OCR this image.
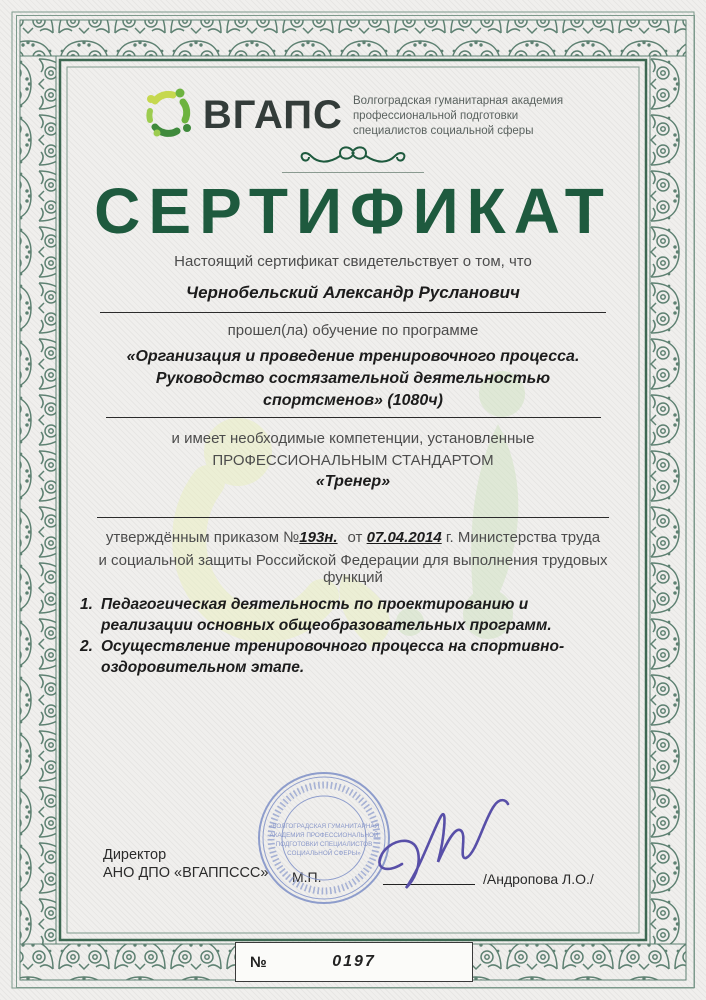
ВГАПС Волгоградская гуманитарная академия
профессиональной подготовки
специалистов социальной сферы
СЕРТИФИКАТ
Настоящий сертификат свидетельствует о том, что
Чернобельский Александр Русланович
прошел(ла) обучение по программе
«Организация и проведение тренировочного процесса. Руководство состязательной деятельностью спортсменов» (1080ч)
и имеет необходимые компетенции, установленные
ПРОФЕССИОНАЛЬНЫМ СТАНДАРТОМ
«Тренер»
утверждённым приказом №193н. от 07.04.2014 г. Министерства труда
и социальной защиты Российской Федерации для выполнения трудовых функций
1. Педагогическая деятельность по проектированию и реализации основных общеобразовательных программ.
2. Осуществление тренировочного процесса на спортивно-оздоровительном этапе.
Директор
АНО ДПО «ВГАППССС» М.П.
«ВОЛГОГРАДСКАЯ ГУМАНИТАРНАЯ
АКАДЕМИЯ ПРОФЕССИОНАЛЬНОЙ
ПОДГОТОВКИ СПЕЦИАЛИСТОВ
СОЦИАЛЬНОЙ СФЕРЫ»
/Андропова Л.О./
№	0197
